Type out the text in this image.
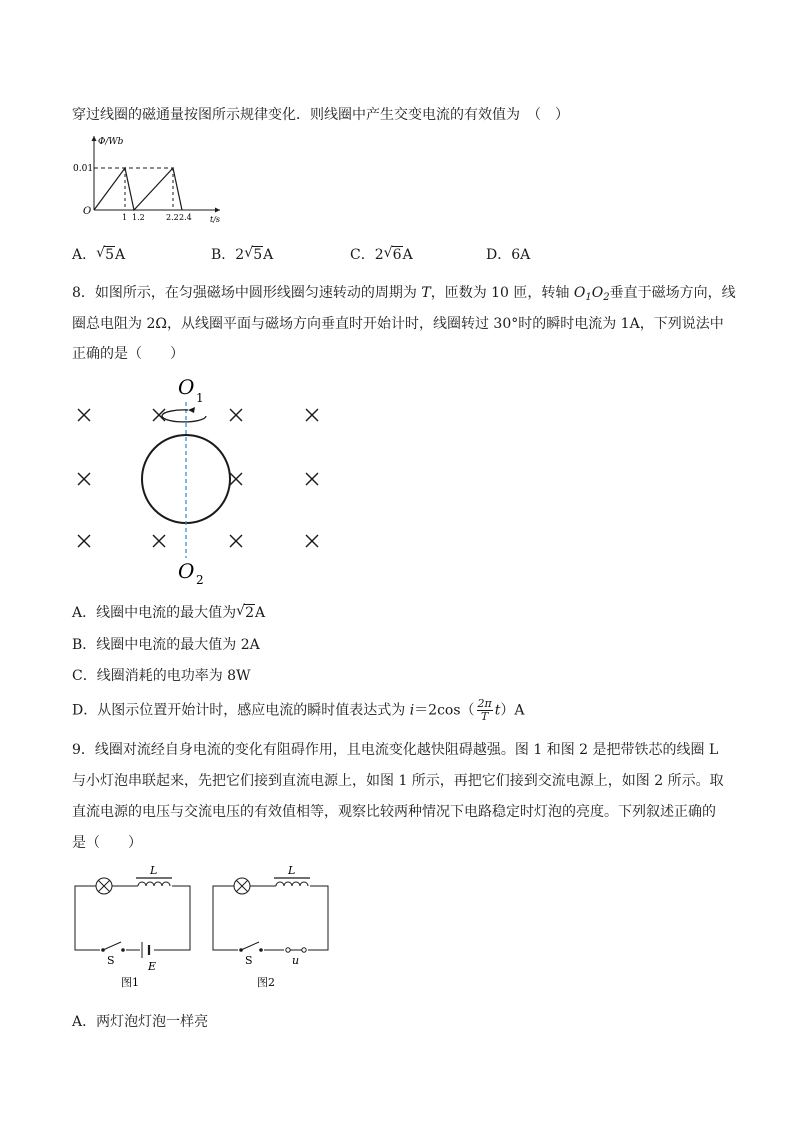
穿过线圈的磁通量按图所示规律变化．则线圈中产生交变电流的有效值为　（　）
Φ/Wb
0.01
O
1 1.2	2.2 2.4 t/s
A． √ 5A	B．2 √ 5A	C．2 √ 6A	D．6A
8．如图所示，在匀强磁场中圆形线圈匀速转动的周期为 T，匝数为 10 匝，转轴 $O_1O_2$垂直于磁场方向，线
圈总电阻为 2Ω，从线圈平面与磁场方向垂直时开始计时，线圈转过 30°时的瞬时电流为 1A，下列说法中
正确的是（　　）
O 1
O 2
A．线圈中电流的最大值为 √ 2A
B．线圈中电流的最大值为 2A
C．线圈消耗的电功率为 8W
D．从图示位置开始计时，感应电流的瞬时值表达式为 $i=2\cos( \frac{2\pi}{T} t)A$
9．线圈对流经自身电流的变化有阻碍作用，且电流变化越快阻碍越强。图 1 和图 2 是把带铁芯的线圈 L
与小灯泡串联起来，先把它们接到直流电源上，如图 1 所示，再把它们接到交流电源上，如图 2 所示。取
直流电源的电压与交流电压的有效值相等，观察比较两种情况下电路稳定时灯泡的亮度。下列叙述正确的
是（　　）
L
S	E
图1
L
S	u
图2
A．两灯泡灯泡一样亮
